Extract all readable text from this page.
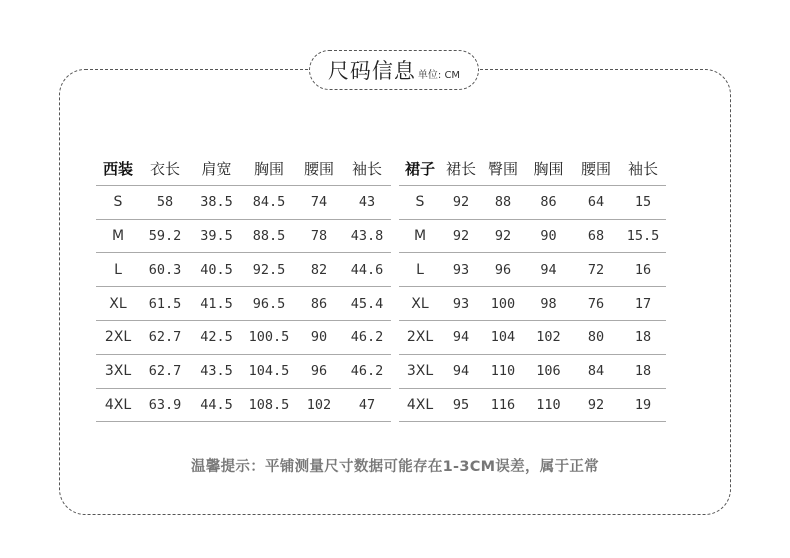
尺码信息 单位: CM
西装	衣长	肩宽	胸围	腰围	袖长
S	58	38.5	84.5	74	43
M	59.2	39.5	88.5	78	43.8
L	60.3	40.5	92.5	82	44.6
XL	61.5	41.5	96.5	86	45.4
2XL	62.7	42.5	100.5	90	46.2
3XL	62.7	43.5	104.5	96	46.2
4XL	63.9	44.5	108.5	102	47
裙子	裙长	臀围	胸围	腰围	袖长
S	92	88	86	64	15
M	92	92	90	68	15.5
L	93	96	94	72	16
XL	93	100	98	76	17
2XL	94	104	102	80	18
3XL	94	110	106	84	18
4XL	95	116	110	92	19
温馨提示：平铺测量尺寸数据可能存在1-3CM误差，属于正常
